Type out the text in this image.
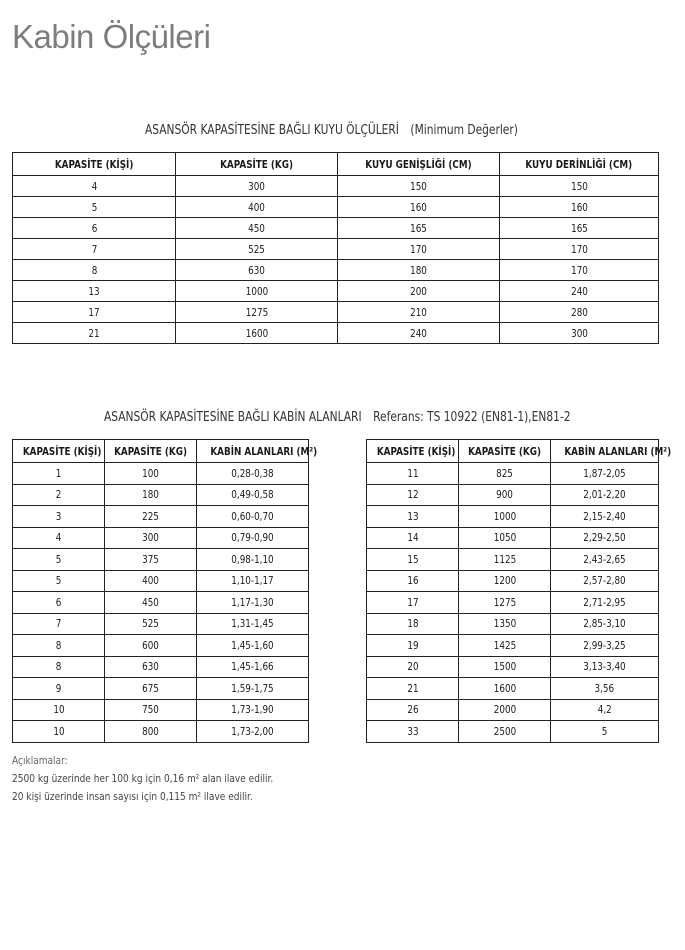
Kabin Ölçüleri
ASANSÖR KAPASİTESİNE BAĞLI KUYU ÖLÇÜLERİ (Minimum Değerler)
KAPASİTE (KİŞİ)	KAPASİTE (KG)	KUYU GENİŞLİĞİ (CM)	KUYU DERİNLİĞİ (CM)
4	300	150	150
5	400	160	160
6	450	165	165
7	525	170	170
8	630	180	170
13	1000	200	240
17	1275	210	280
21	1600	240	300
ASANSÖR KAPASİTESİNE BAĞLI KABİN ALANLARI Referans: TS 10922 (EN81-1),EN81-2
KAPASİTE (KİŞİ)	KAPASİTE (KG)	KABİN ALANLARI (M²)		KAPASİTE (KİŞİ)	KAPASİTE (KG)	KABİN ALANLARI (M²)
1	100	0,28-0,38		11	825	1,87-2,05
2	180	0,49-0,58		12	900	2,01-2,20
3	225	0,60-0,70		13	1000	2,15-2,40
4	300	0,79-0,90		14	1050	2,29-2,50
5	375	0,98-1,10		15	1125	2,43-2,65
5	400	1,10-1,17		16	1200	2,57-2,80
6	450	1,17-1,30		17	1275	2,71-2,95
7	525	1,31-1,45		18	1350	2,85-3,10
8	600	1,45-1,60		19	1425	2,99-3,25
8	630	1,45-1,66		20	1500	3,13-3,40
9	675	1,59-1,75		21	1600	3,56
10	750	1,73-1,90		26	2000	4,2
10	800	1,73-2,00		33	2500	5
Açıklamalar:
2500 kg üzerinde her 100 kg için 0,16 m² alan ilave edilir.
20 kişi üzerinde insan sayısı için 0,115 m² ilave edilir.
